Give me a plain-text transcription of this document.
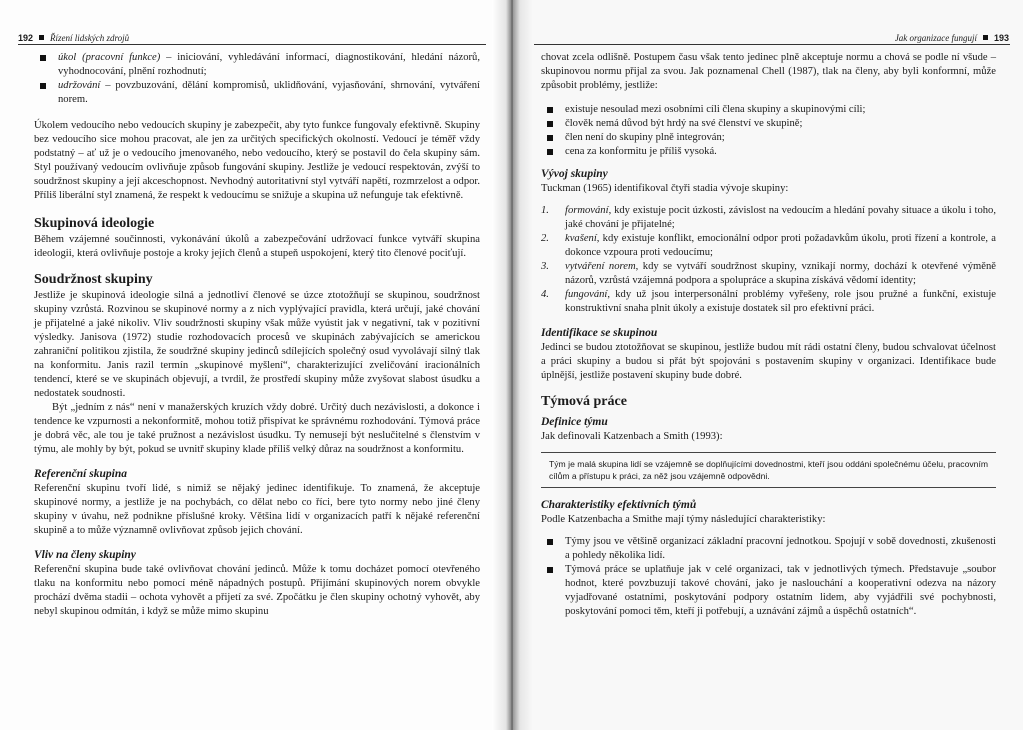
192 Řízení lidských zdrojů

úkol (pracovní funkce) – iniciování, vyhledávání informací, diagnostikování, hledání názorů, vyhodnocování, plnění rozhodnutí;

udržování – povzbuzování, dělání kompromisů, uklidňování, vyjasňování, shrnování, vytváření norem.

Úkolem vedoucího nebo vedoucích skupiny je zabezpečit, aby tyto funkce fungovaly efektivně. Skupiny bez vedoucího sice mohou pracovat, ale jen za určitých specifických okolností. Vedoucí je téměř vždy podstatný – ať už je o vedoucího jmenovaného, nebo vedoucího, který se postavil do čela skupiny sám. Styl používaný vedoucím ovlivňuje způsob fungování skupiny. Jestliže je vedoucí respektován, zvýší to soudržnost skupiny a její akceschopnost. Nevhodný autoritativní styl vytváří napětí, rozmrzelost a odpor. Příliš liberální styl znamená, že respekt k vedoucímu se snižuje a skupina už nefunguje tak efektivně.

Skupinová ideologie

Během vzájemné součinnosti, vykonávání úkolů a zabezpečování udržovací funkce vytváří skupina ideologii, která ovlivňuje postoje a kroky jejích členů a stupeň uspokojení, který tito členové pociťují.

Soudržnost skupiny

Jestliže je skupinová ideologie silná a jednotliví členové se úzce ztotožňují se skupinou, soudržnost skupiny vzrůstá. Rozvinou se skupinové normy a z nich vyplývající pravidla, která určují, jaké chování je přijatelné a jaké nikoliv. Vliv soudržnosti skupiny však může vyústit jak v negativní, tak v pozitivní výsledky. Janisova (1972) studie rozhodovacích procesů ve skupinách zabývajících se americkou zahraniční politikou zjistila, že soudržné skupiny jedinců sdílejících společný osud vyvolávají silný tlak na konformitu. Janis razil termín „skupinové myšlení“, charakterizující zveličování iracionálních tendencí, které se ve skupinách objevují, a tvrdil, že prostředí skupiny může zvyšovat slabost úsudku a nedostatek soudnosti.

Být „jedním z nás“ není v manažerských kruzích vždy dobré. Určitý duch nezávislosti, a dokonce i tendence ke vzpurnosti a nekonformitě, mohou totiž přispívat ke správnému rozhodování. Týmová práce je dobrá věc, ale tou je také pružnost a nezávislost úsudku. Ty nemusejí být neslučitelné s členstvím v týmu, ale mohly by být, pokud se uvnitř skupiny klade příliš velký důraz na soudržnost a konformitu.

Referenční skupina

Referenční skupinu tvoří lidé, s nimiž se nějaký jedinec identifikuje. To znamená, že akceptuje skupinové normy, a jestliže je na pochybách, co dělat nebo co říci, bere tyto normy nebo jiné členy skupiny v úvahu, než podnikne příslušné kroky. Většina lidí v organizacích patří k nějaké referenční skupině a to může významně ovlivňovat způsob jejich chování.

Vliv na členy skupiny

Referenční skupina bude také ovlivňovat chování jedinců. Může k tomu docházet pomocí otevřeného tlaku na konformitu nebo pomocí méně nápadných postupů. Přijímání skupinových norem obvykle prochází dvěma stadii – ochota vyhovět a přijetí za své. Zpočátku je člen skupiny ochotný vyhovět, aby nebyl skupinou odmítán, i když se může mimo skupinu

Jak organizace fungují 193

chovat zcela odlišně. Postupem času však tento jedinec plně akceptuje normu a chová se podle ní všude – skupinovou normu přijal za svou. Jak poznamenal Chell (1987), tlak na členy, aby byli konformní, může způsobit problémy, jestliže:

existuje nesoulad mezi osobními cíli člena skupiny a skupinovými cíli;

člověk nemá důvod být hrdý na své členství ve skupině;

člen není do skupiny plně integrován;

cena za konformitu je příliš vysoká.

Vývoj skupiny

Tuckman (1965) identifikoval čtyři stadia vývoje skupiny:

1. formování, kdy existuje pocit úzkosti, závislost na vedoucím a hledání povahy situace a úkolu i toho, jaké chování je přijatelné;

2. kvašení, kdy existuje konflikt, emocionální odpor proti požadavkům úkolu, proti řízení a kontrole, a dokonce vzpoura proti vedoucímu;

3. vytváření norem, kdy se vytváří soudržnost skupiny, vznikají normy, dochází k otevřené výměně názorů, vzrůstá vzájemná podpora a spolupráce a skupina získává vědomí identity;

4. fungování, kdy už jsou interpersonální problémy vyřešeny, role jsou pružné a funkční, existuje konstruktivní snaha plnit úkoly a existuje dostatek sil pro efektivní práci.

Identifikace se skupinou

Jedinci se budou ztotožňovat se skupinou, jestliže budou mít rádi ostatní členy, budou schvalovat účelnost a práci skupiny a budou si přát být spojováni s postavením skupiny v organizaci. Identifikace bude úplnější, jestliže postavení skupiny bude dobré.

Týmová práce
Definice týmu

Jak definovali Katzenbach a Smith (1993):

Tým je malá skupina lidí se vzájemně se doplňujícími dovednostmi, kteří jsou oddáni společnému účelu, pracovním cílům a přístupu k práci, za něž jsou vzájemně odpovědni.

Charakteristiky efektivních týmů

Podle Katzenbacha a Smithe mají týmy následující charakteristiky:

Týmy jsou ve většině organizací základní pracovní jednotkou. Spojují v sobě dovednosti, zkušenosti a pohledy několika lidí.

Týmová práce se uplatňuje jak v celé organizaci, tak v jednotlivých týmech. Představuje „soubor hodnot, které povzbuzují takové chování, jako je naslouchání a kooperativní odezva na názory vyjadřované ostatními, poskytování podpory ostatním lidem, aby vyjádřili své pochybnosti, poskytování pomoci těm, kteří ji potřebují, a uznávání zájmů a úspěchů ostatních“.
